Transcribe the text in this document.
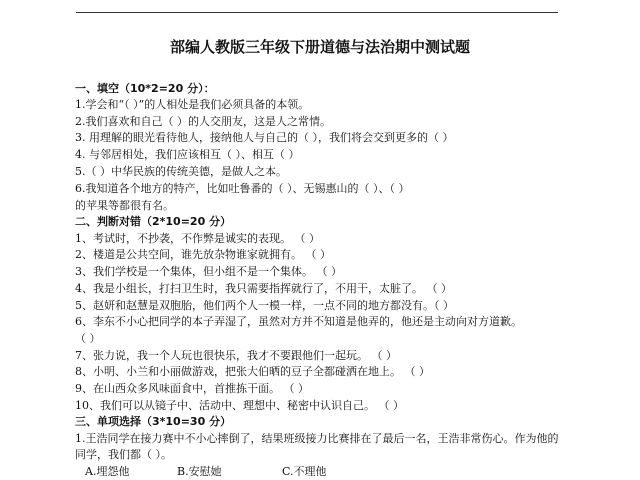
部编人教版三年级下册道德与法治期中测试题
一、填空（10*2=20 分）：
1.学会和“（ ）”的人相处是我们必须具备的本领。
2.我们喜欢和自己（ ）的人交朋友，这是人之常情。
3. 用理解的眼光看待他人，接纳他人与自己的（ ），我们将会交到更多的（ ）
4. 与邻居相处，我们应该相互（ ）、相互（ ）
5.（ ）中华民族的传统美德，是做人之本。
6.我知道各个地方的特产，比如吐鲁番的（ ）、无锡惠山的（ ）、（ ）
的苹果等都很有名。
二、判断对错（2*10=20 分）
1、考试时，不抄袭，不作弊是诚实的表现。 （ ）
2、楼道是公共空间，谁先放杂物谁家就拥有。 （ ）
3、我们学校是一个集体，但小组不是一个集体。 （ ）
4、我是小组长，打扫卫生时，我只需要指挥就行了，不用干，太脏了。 （ ）
5、赵妍和赵慧是双胞胎，他们两个人一模一样，一点不同的地方都没有。（ ）
6、李东不小心把同学的本子弄湿了，虽然对方并不知道是他弄的，他还是主动向对方道歉。
（ ）
7、张力说，我一个人玩也很快乐，我才不要跟他们一起玩。 （ ）
8、小明、小兰和小丽做游戏，把张大伯晒的豆子全都碰洒在地上。 （ ）
9、在山西众多风味面食中，首推拣干面。 （ ）
10、我们可以从镜子中、活动中、理想中、秘密中认识自己。 （ ）
三、单项选择（3*10=30 分）
1.王浩同学在接力赛中不小心摔倒了，结果班级接力比赛排在了最后一名，王浩非常伤心。作为他的
同学，我们都（ ）。
A.埋怨他	B.安慰她	C.不理他
